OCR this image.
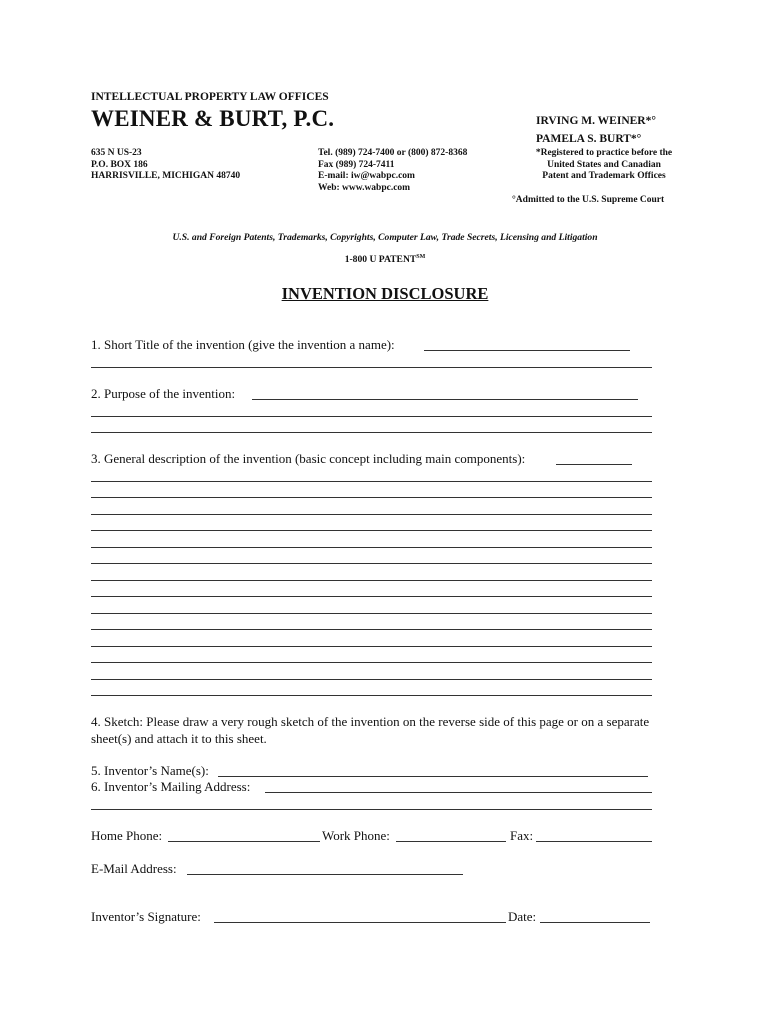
INTELLECTUAL PROPERTY LAW OFFICES
WEINER & BURT, P.C.	IRVING M. WEINER*°
PAMELA S. BURT*°
635 N US-23
P.O. BOX 186
HARRISVILLE, MICHIGAN 48740
Tel. (989) 724-7400 or (800) 872-8368
Fax (989) 724-7411
E-mail: iw@wabpc.com
Web: www.wabpc.com
*Registered to practice before the
United States and Canadian
Patent and Trademark Offices
°Admitted to the U.S. Supreme Court
U.S. and Foreign Patents, Trademarks, Copyrights, Computer Law, Trade Secrets, Licensing and Litigation
1-800 U PATENT℠
INVENTION DISCLOSURE
1. Short Title of the invention (give the invention a name):
2. Purpose of the invention:
3. General description of the invention (basic concept including main components):
4. Sketch: Please draw a very rough sketch of the invention on the reverse side of this page or on a separate sheet(s) and attach it to this sheet.
5. Inventor’s Name(s):
6. Inventor’s Mailing Address:
Home Phone:	Work Phone:	Fax:
E-Mail Address:
Inventor’s Signature:	Date:
